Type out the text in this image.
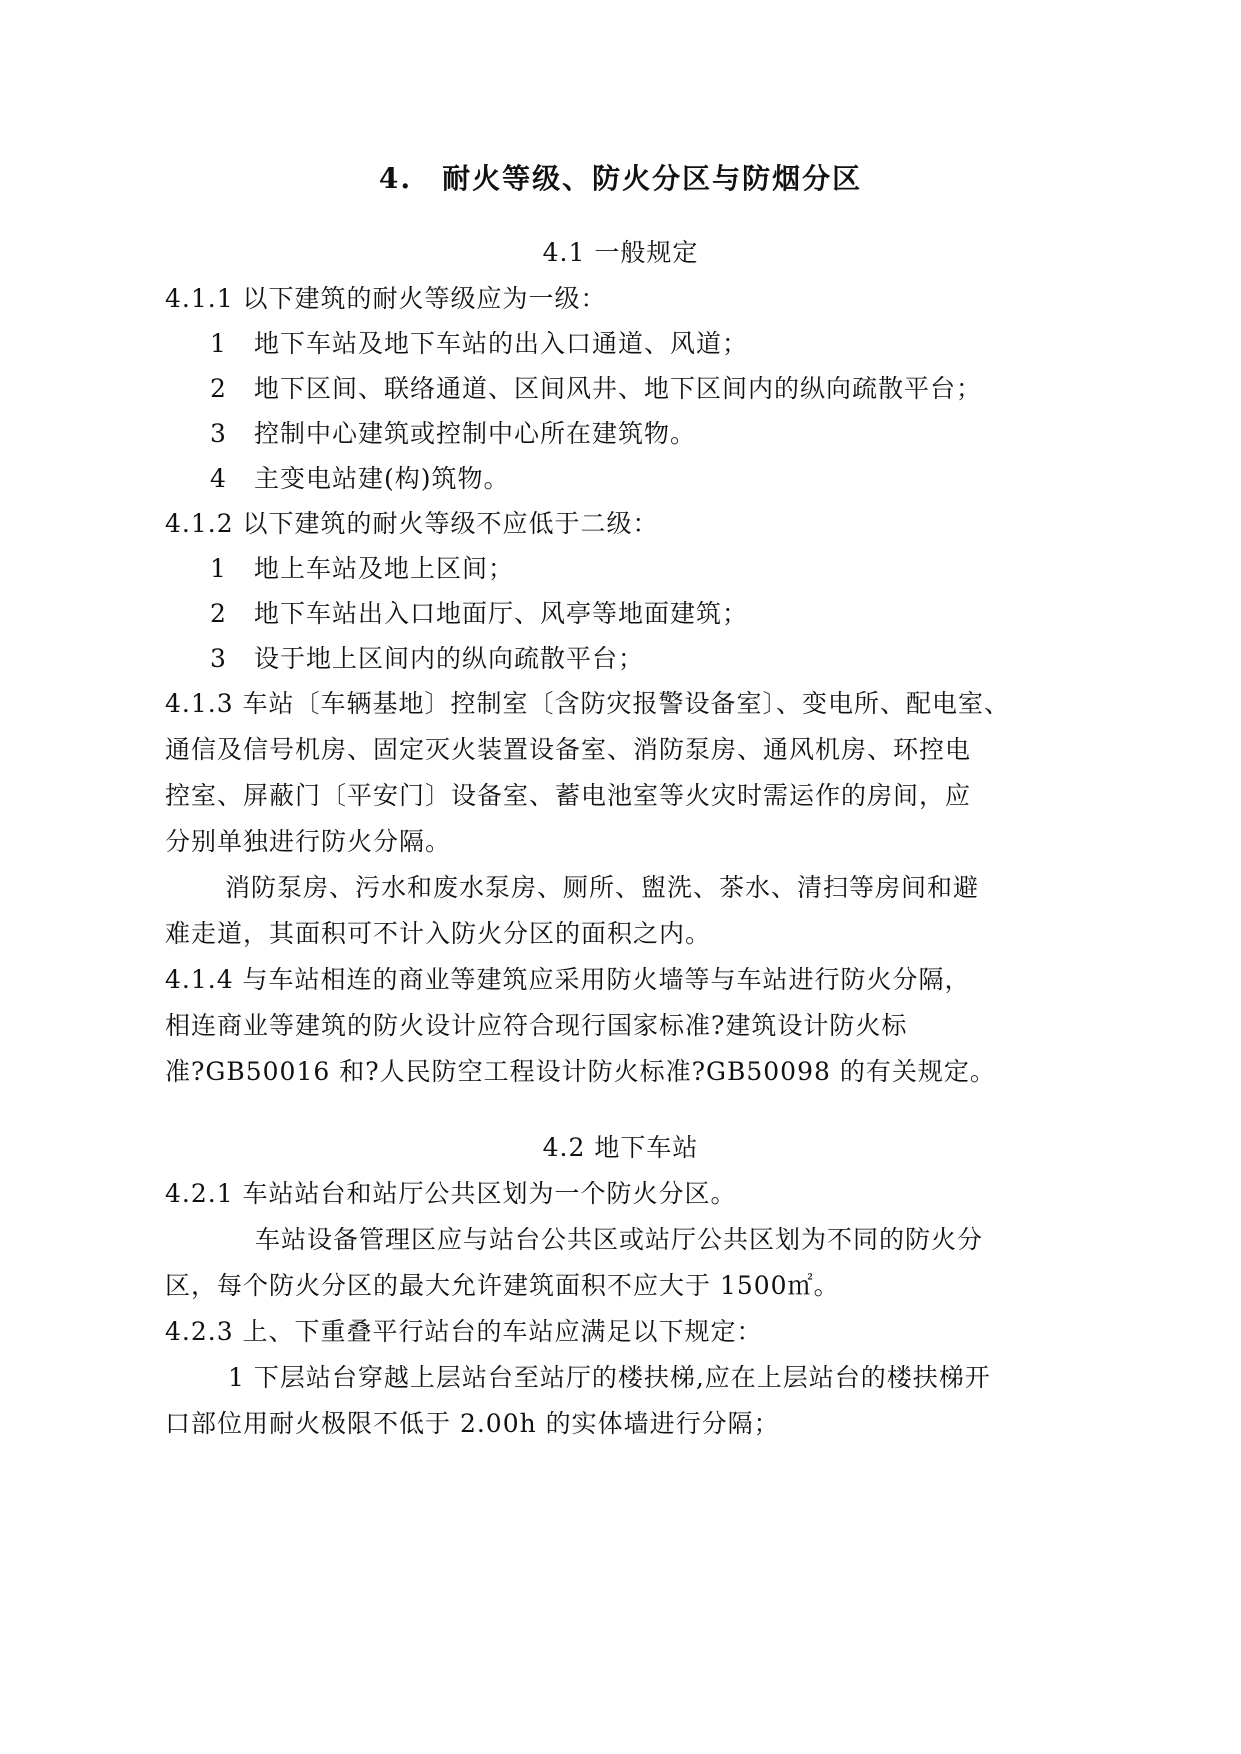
4.　耐火等级、防火分区与防烟分区
4.1 一般规定
4.1.1 以下建筑的耐火等级应为一级：
1 地下车站及地下车站的出入口通道、风道；
2 地下区间、联络通道、区间风井、地下区间内的纵向疏散平台；
3 控制中心建筑或控制中心所在建筑物。
4 主变电站建(构)筑物。
4.1.2 以下建筑的耐火等级不应低于二级：
1 地上车站及地上区间；
2 地下车站出入口地面厅、风亭等地面建筑；
3 设于地上区间内的纵向疏散平台；
4.1.3 车站〔车辆基地〕控制室〔含防灾报警设备室〕、变电所、配电室、
通信及信号机房、固定灭火装置设备室、消防泵房、通风机房、环控电
控室、屏蔽门〔平安门〕设备室、蓄电池室等火灾时需运作的房间，应
分别单独进行防火分隔。
消防泵房、污水和废水泵房、厕所、盥洗、茶水、清扫等房间和避
难走道，其面积可不计入防火分区的面积之内。
4.1.4 与车站相连的商业等建筑应采用防火墙等与车站进行防火分隔，
相连商业等建筑的防火设计应符合现行国家标准?建筑设计防火标
准?GB50016 和?人民防空工程设计防火标准?GB50098 的有关规定。
4.2 地下车站
4.2.1 车站站台和站厅公共区划为一个防火分区。
车站设备管理区应与站台公共区或站厅公共区划为不同的防火分
区，每个防火分区的最大允许建筑面积不应大于 1500㎡。
4.2.3 上、下重叠平行站台的车站应满足以下规定：
1 下层站台穿越上层站台至站厅的楼扶梯,应在上层站台的楼扶梯开
口部位用耐火极限不低于 2.00h 的实体墙进行分隔；
